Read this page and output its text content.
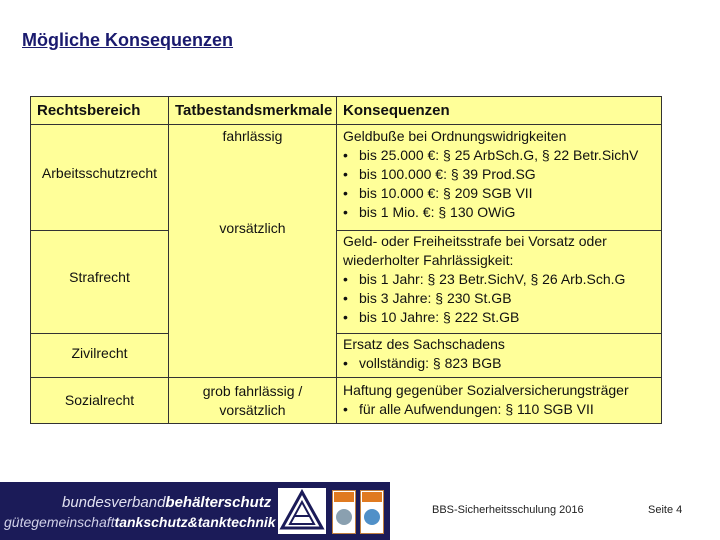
Mögliche Konsequenzen
Rechtsbereich	Tatbestandsmerkmale Konsequenzen
Arbeitsschutzrecht
Strafrecht
Zivilrecht
Sozialrecht
fahrlässig
vorsätzlich
grob fahrlässig /
vorsätzlich
Geldbuße bei Ordnungswidrigkeiten
• bis 25.000 €: § 25 ArbSch.G, § 22 Betr.SichV
• bis 100.000 €: § 39 Prod.SG
• bis 10.000 €: § 209 SGB VII
• bis 1 Mio. €: § 130 OWiG
Geld- oder Freiheitsstrafe bei Vorsatz oder
wiederholter Fahrlässigkeit:
• bis 1 Jahr: § 23 Betr.SichV, § 26 Arb.Sch.G
• bis 3 Jahre: § 230 St.GB
• bis 10 Jahre: § 222 St.GB
Ersatz des Sachschadens
• vollständig: § 823 BGB
Haftung gegenüber Sozialversicherungsträger
• für alle Aufwendungen: § 110 SGB VII
bundesverbandbehälterschutz
gütegemeinschafttankschutz&tanktechnik
BBS-Sicherheitsschulung 2016	Seite 4
